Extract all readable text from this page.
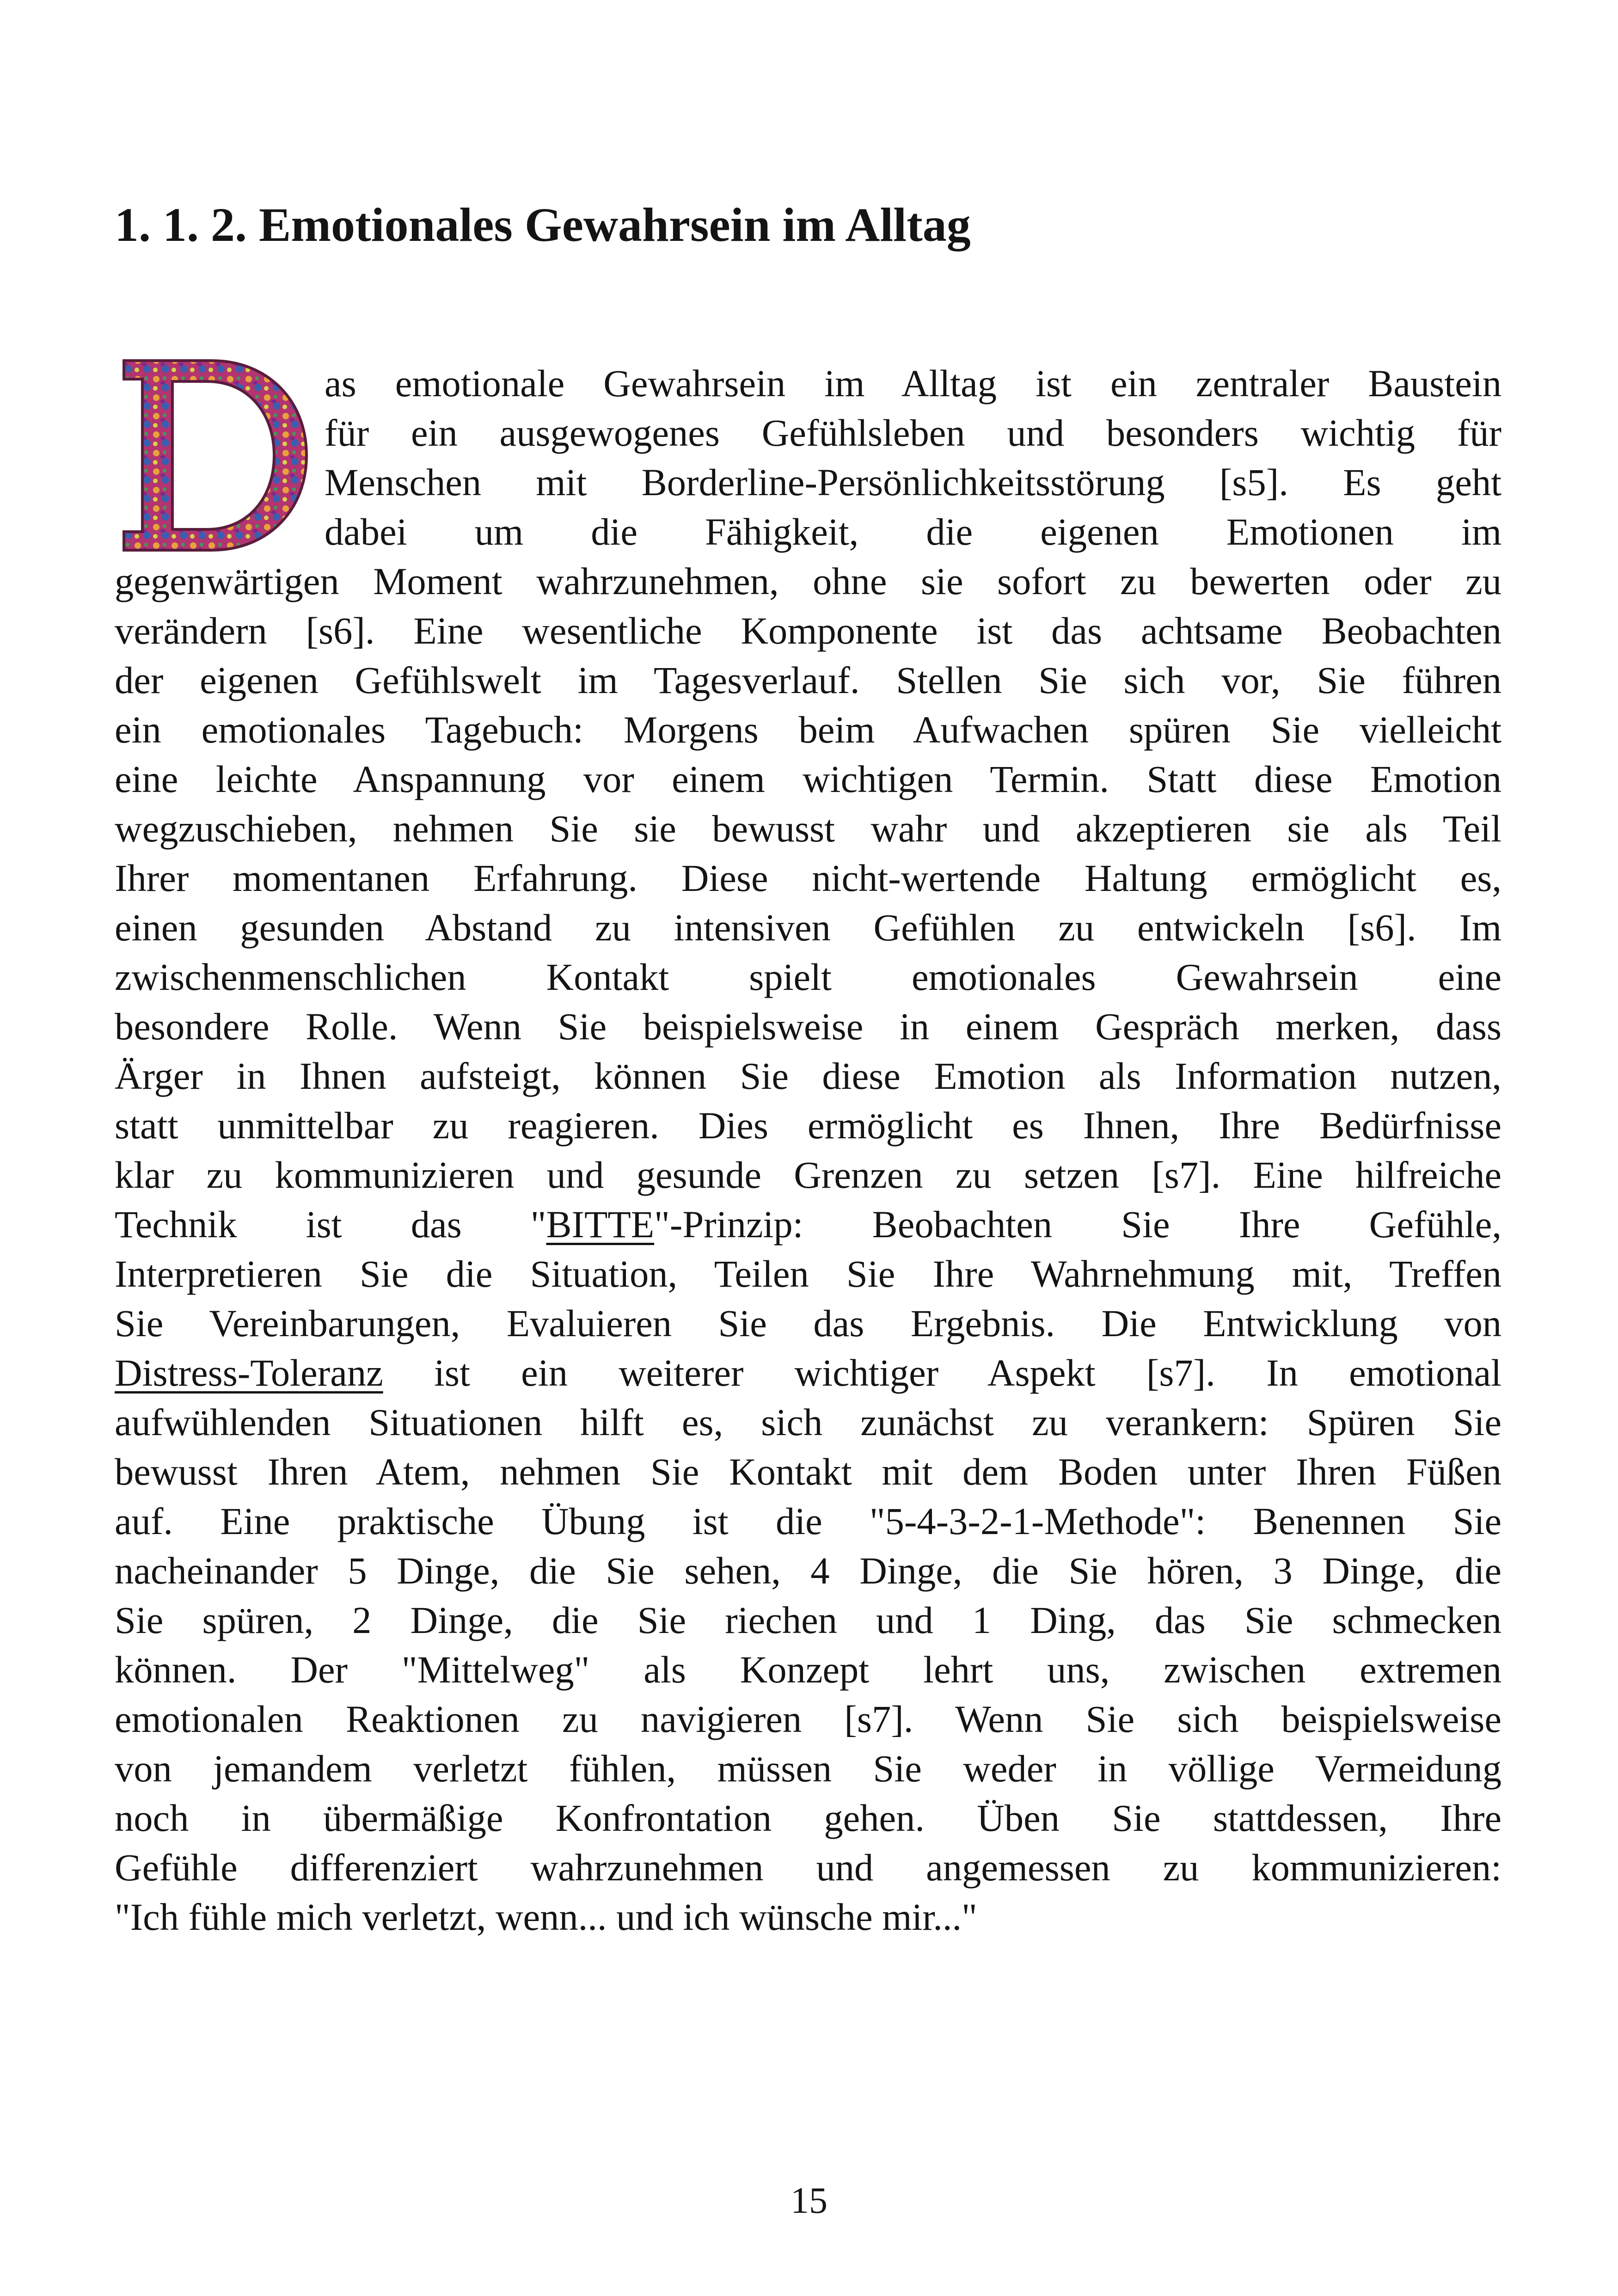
1. 1. 2. Emotionales Gewahrsein im Alltag
as emotionale Gewahrsein im Alltag ist ein zentraler Baustein
für ein ausgewogenes Gefühlsleben und besonders wichtig für
Menschen mit Borderline-Persönlichkeitsstörung [s5]. Es geht
dabei um die Fähigkeit, die eigenen Emotionen im
gegenwärtigen Moment wahrzunehmen, ohne sie sofort zu bewerten oder zu
verändern [s6]. Eine wesentliche Komponente ist das achtsame Beobachten
der eigenen Gefühlswelt im Tagesverlauf. Stellen Sie sich vor, Sie führen
ein emotionales Tagebuch: Morgens beim Aufwachen spüren Sie vielleicht
eine leichte Anspannung vor einem wichtigen Termin. Statt diese Emotion
wegzuschieben, nehmen Sie sie bewusst wahr und akzeptieren sie als Teil
Ihrer momentanen Erfahrung. Diese nicht-wertende Haltung ermöglicht es,
einen gesunden Abstand zu intensiven Gefühlen zu entwickeln [s6]. Im
zwischenmenschlichen Kontakt spielt emotionales Gewahrsein eine
besondere Rolle. Wenn Sie beispielsweise in einem Gespräch merken, dass
Ärger in Ihnen aufsteigt, können Sie diese Emotion als Information nutzen,
statt unmittelbar zu reagieren. Dies ermöglicht es Ihnen, Ihre Bedürfnisse
klar zu kommunizieren und gesunde Grenzen zu setzen [s7]. Eine hilfreiche
Technik ist das "BITTE"-Prinzip: Beobachten Sie Ihre Gefühle,
Interpretieren Sie die Situation, Teilen Sie Ihre Wahrnehmung mit, Treffen
Sie Vereinbarungen, Evaluieren Sie das Ergebnis. Die Entwicklung von
Distress-Toleranz ist ein weiterer wichtiger Aspekt [s7]. In emotional
aufwühlenden Situationen hilft es, sich zunächst zu verankern: Spüren Sie
bewusst Ihren Atem, nehmen Sie Kontakt mit dem Boden unter Ihren Füßen
auf. Eine praktische Übung ist die "5-4-3-2-1-Methode": Benennen Sie
nacheinander 5 Dinge, die Sie sehen, 4 Dinge, die Sie hören, 3 Dinge, die
Sie spüren, 2 Dinge, die Sie riechen und 1 Ding, das Sie schmecken
können. Der "Mittelweg" als Konzept lehrt uns, zwischen extremen
emotionalen Reaktionen zu navigieren [s7]. Wenn Sie sich beispielsweise
von jemandem verletzt fühlen, müssen Sie weder in völlige Vermeidung
noch in übermäßige Konfrontation gehen. Üben Sie stattdessen, Ihre
Gefühle differenziert wahrzunehmen und angemessen zu kommunizieren:
"Ich fühle mich verletzt, wenn... und ich wünsche mir..."
15
